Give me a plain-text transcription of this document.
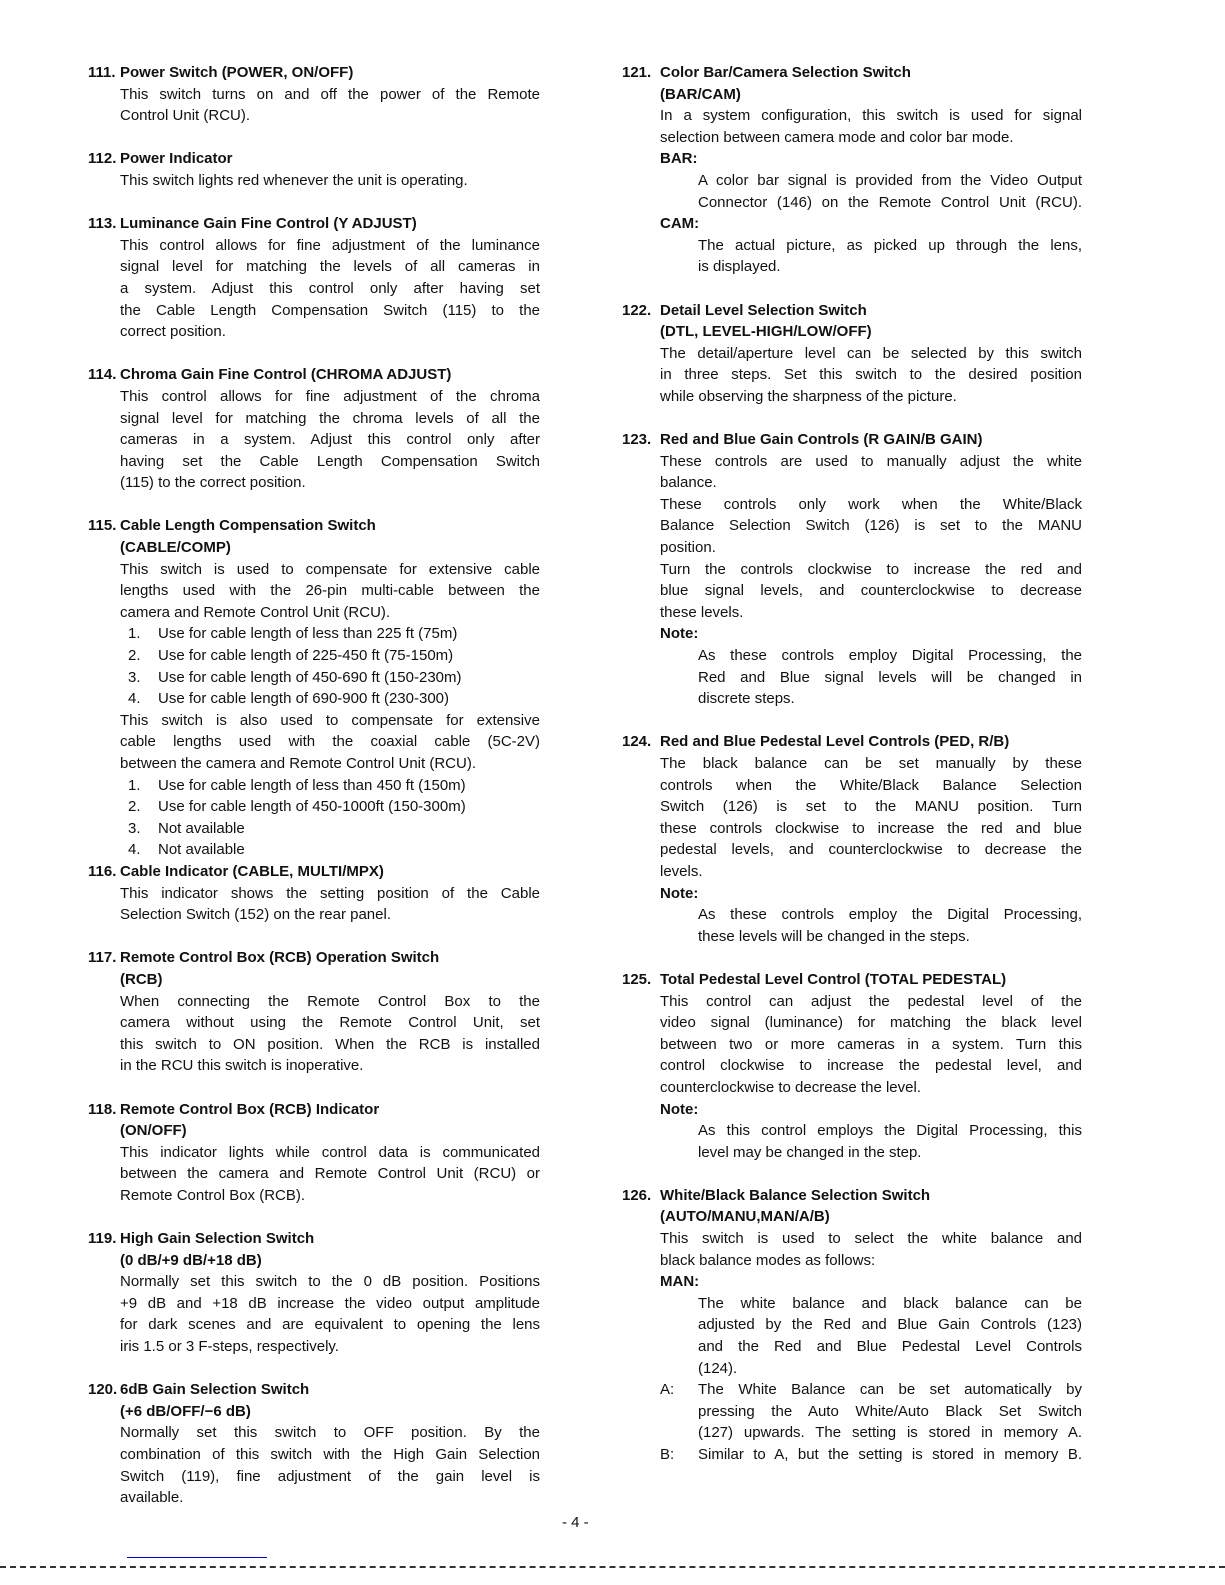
111. Power Switch (POWER, ON/OFF)
This switch turns on and off the power of the Remote
Control Unit (RCU).
112. Power Indicator
This switch lights red whenever the unit is operating.
113. Luminance Gain Fine Control (Y ADJUST)
This control allows for fine adjustment of the luminance
signal level for matching the levels of all cameras in
a system. Adjust this control only after having set
the Cable Length Compensation Switch (115) to the
correct position.
114. Chroma Gain Fine Control (CHROMA ADJUST)
This control allows for fine adjustment of the chroma
signal level for matching the chroma levels of all the
cameras in a system. Adjust this control only after
having set the Cable Length Compensation Switch
(115) to the correct position.
115. Cable Length Compensation Switch
(CABLE/COMP)
This switch is used to compensate for extensive cable
lengths used with the 26-pin multi-cable between the
camera and Remote Control Unit (RCU).
1. Use for cable length of less than 225 ft (75m)
2. Use for cable length of 225-450 ft (75-150m)
3. Use for cable length of 450-690 ft (150-230m)
4. Use for cable length of 690-900 ft (230-300)
This switch is also used to compensate for extensive
cable lengths used with the coaxial cable (5C-2V)
between the camera and Remote Control Unit (RCU).
1. Use for cable length of less than 450 ft (150m)
2. Use for cable length of 450-1000ft (150-300m)
3. Not available
4. Not available
116. Cable Indicator (CABLE, MULTI/MPX)
This indicator shows the setting position of the Cable
Selection Switch (152) on the rear panel.
117. Remote Control Box (RCB) Operation Switch
(RCB)
When connecting the Remote Control Box to the
camera without using the Remote Control Unit, set
this switch to ON position. When the RCB is installed
in the RCU this switch is inoperative.
118. Remote Control Box (RCB) Indicator
(ON/OFF)
This indicator lights while control data is communicated
between the camera and Remote Control Unit (RCU) or
Remote Control Box (RCB).
119. High Gain Selection Switch
(0 dB/+9 dB/+18 dB)
Normally set this switch to the 0 dB position. Positions
+9 dB and +18 dB increase the video output amplitude
for dark scenes and are equivalent to opening the lens
iris 1.5 or 3 F-steps, respectively.
120. 6dB Gain Selection Switch
(+6 dB/OFF/−6 dB)
Normally set this switch to OFF position. By the
combination of this switch with the High Gain Selection
Switch (119), fine adjustment of the gain level is
available.
121. Color Bar/Camera Selection Switch
(BAR/CAM)
In a system configuration, this switch is used for signal
selection between camera mode and color bar mode.
BAR:
A color bar signal is provided from the Video Output
Connector (146) on the Remote Control Unit (RCU).
CAM:
The actual picture, as picked up through the lens,
is displayed.
122. Detail Level Selection Switch
(DTL, LEVEL-HIGH/LOW/OFF)
The detail/aperture level can be selected by this switch
in three steps. Set this switch to the desired position
while observing the sharpness of the picture.
123. Red and Blue Gain Controls (R GAIN/B GAIN)
These controls are used to manually adjust the white
balance.
These controls only work when the White/Black
Balance Selection Switch (126) is set to the MANU
position.
Turn the controls clockwise to increase the red and
blue signal levels, and counterclockwise to decrease
these levels.
Note:
As these controls employ Digital Processing, the
Red and Blue signal levels will be changed in
discrete steps.
124. Red and Blue Pedestal Level Controls (PED, R/B)
The black balance can be set manually by these
controls when the White/Black Balance Selection
Switch (126) is set to the MANU position. Turn
these controls clockwise to increase the red and blue
pedestal levels, and counterclockwise to decrease the
levels.
Note:
As these controls employ the Digital Processing,
these levels will be changed in the steps.
125. Total Pedestal Level Control (TOTAL PEDESTAL)
This control can adjust the pedestal level of the
video signal (luminance) for matching the black level
between two or more cameras in a system. Turn this
control clockwise to increase the pedestal level, and
counterclockwise to decrease the level.
Note:
As this control employs the Digital Processing, this
level may be changed in the step.
126. White/Black Balance Selection Switch
(AUTO/MANU,MAN/A/B)
This switch is used to select the white balance and
black balance modes as follows:
MAN:
The white balance and black balance can be
adjusted by the Red and Blue Gain Controls (123)
and the Red and Blue Pedestal Level Controls
(124).
A: The White Balance can be set automatically by
pressing the Auto White/Auto Black Set Switch
(127) upwards. The setting is stored in memory A.
B: Similar to A, but the setting is stored in memory B.
- 4 -
